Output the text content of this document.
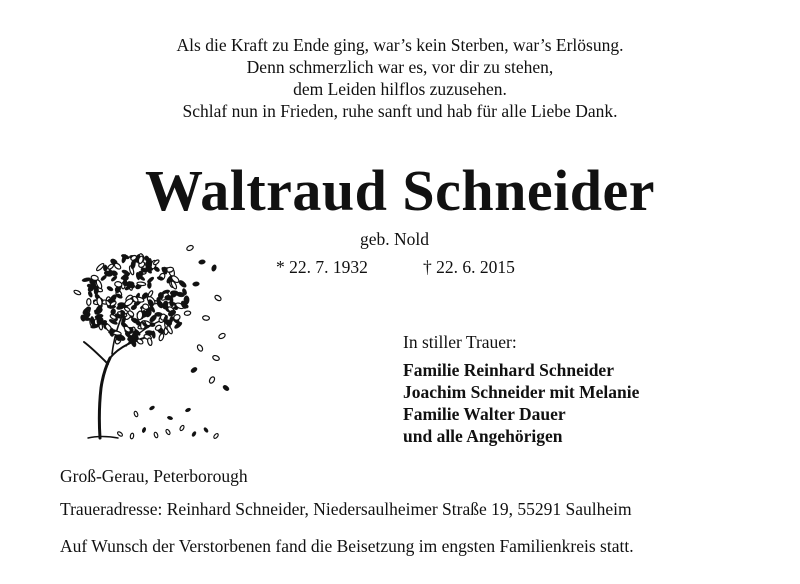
Als die Kraft zu Ende ging, war’s kein Sterben, war’s Erlösung.
Denn schmerzlich war es, vor dir zu stehen,
dem Leiden hilflos zuzusehen.
Schlaf nun in Frieden, ruhe sanft und hab für alle Liebe Dank.
Waltraud Schneider
geb. Nold
* 22. 7. 1932	† 22. 6. 2015
In stiller Trauer:
Familie Reinhard Schneider
Joachim Schneider mit Melanie
Familie Walter Dauer
und alle Angehörigen
Groß-Gerau, Peterborough
Traueradresse: Reinhard Schneider, Niedersaulheimer Straße 19, 55291 Saulheim
Auf Wunsch der Verstorbenen fand die Beisetzung im engsten Familienkreis statt.
